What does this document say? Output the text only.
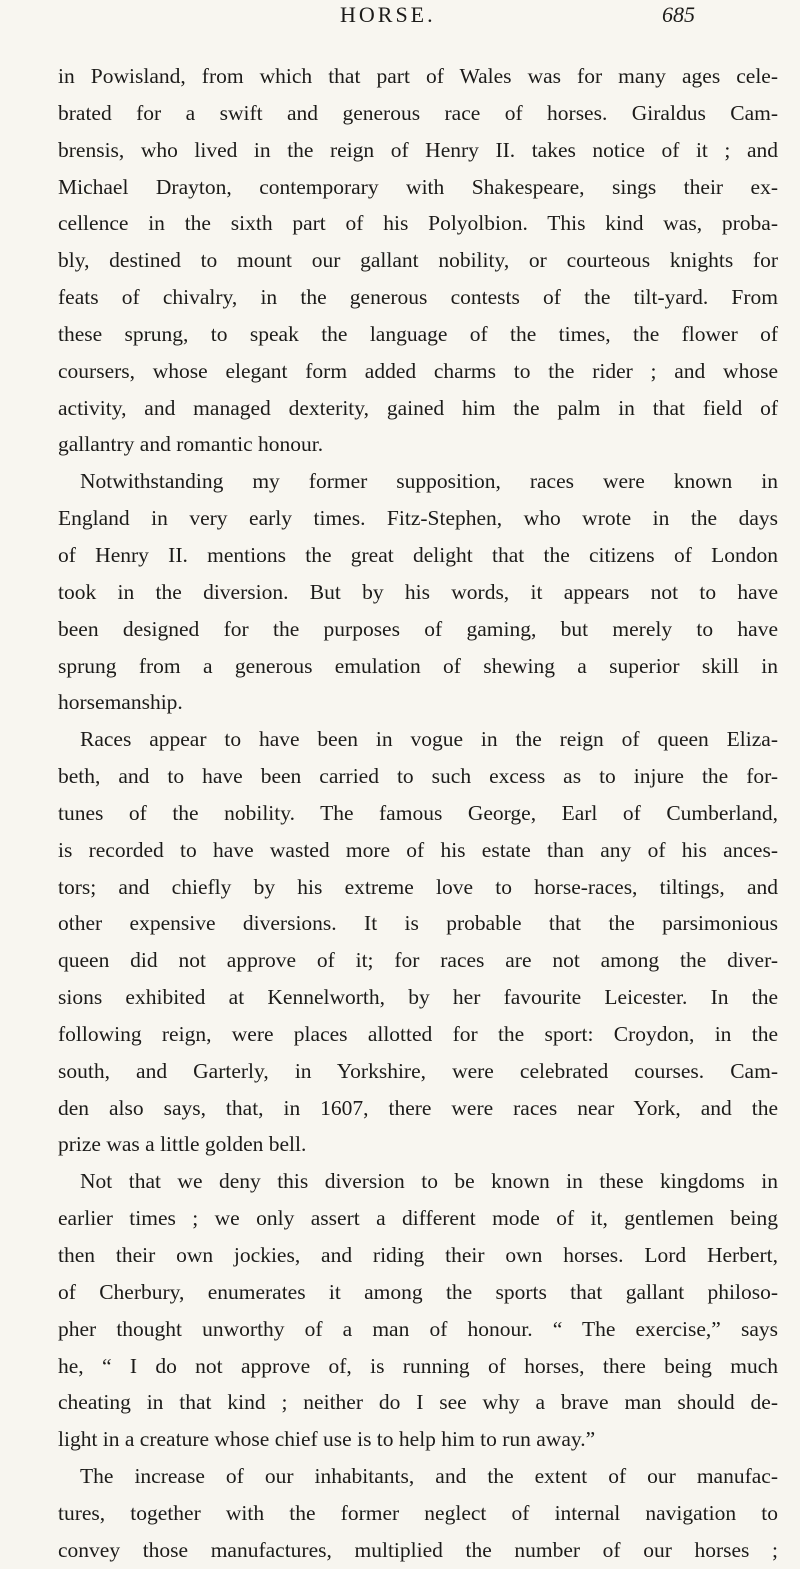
HORSE.	685
in Powisland, from which that part of Wales was for many ages cele-
brated for a swift and generous race of horses. Giraldus Cam-
brensis, who lived in the reign of Henry II. takes notice of it ; and
Michael Drayton, contemporary with Shakespeare, sings their ex-
cellence in the sixth part of his Polyolbion. This kind was, proba-
bly, destined to mount our gallant nobility, or courteous knights for
feats of chivalry, in the generous contests of the tilt-yard. From
these sprung, to speak the language of the times, the flower of
coursers, whose elegant form added charms to the rider ; and whose
activity, and managed dexterity, gained him the palm in that field of
gallantry and romantic honour.
Notwithstanding my former supposition, races were known in
England in very early times. Fitz-Stephen, who wrote in the days
of Henry II. mentions the great delight that the citizens of London
took in the diversion. But by his words, it appears not to have
been designed for the purposes of gaming, but merely to have
sprung from a generous emulation of shewing a superior skill in
horsemanship.
Races appear to have been in vogue in the reign of queen Eliza-
beth, and to have been carried to such excess as to injure the for-
tunes of the nobility. The famous George, Earl of Cumberland,
is recorded to have wasted more of his estate than any of his ances-
tors; and chiefly by his extreme love to horse-races, tiltings, and
other expensive diversions. It is probable that the parsimonious
queen did not approve of it; for races are not among the diver-
sions exhibited at Kennelworth, by her favourite Leicester. In the
following reign, were places allotted for the sport: Croydon, in the
south, and Garterly, in Yorkshire, were celebrated courses. Cam-
den also says, that, in 1607, there were races near York, and the
prize was a little golden bell.
Not that we deny this diversion to be known in these kingdoms in
earlier times ; we only assert a different mode of it, gentlemen being
then their own jockies, and riding their own horses. Lord Herbert,
of Cherbury, enumerates it among the sports that gallant philoso-
pher thought unworthy of a man of honour. “ The exercise,” says
he, “ I do not approve of, is running of horses, there being much
cheating in that kind ; neither do I see why a brave man should de-
light in a creature whose chief use is to help him to run away.”
The increase of our inhabitants, and the extent of our manufac-
tures, together with the former neglect of internal navigation to
convey those manufactures, multiplied the number of our horses ;
